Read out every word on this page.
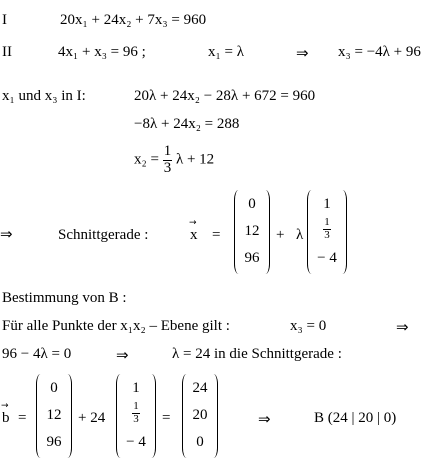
I	20x₁ + 24x₂ + 7x₃ = 960
II	4x₁ + x₃ = 96 ;	x₁ = λ	⇒ x₃ = −4λ + 96
x₁ und x₃ in I:	20λ + 24x₂ − 28λ + 672 = 960
−8λ + 24x₂ = 288
$x_2 = \frac{1}{3}$ λ + 12
⇒	Schnittgerade :
→	x =
0
12
96
+ λ
1
$\frac{1}{3}$
− 4
Bestimmung von B :
Für alle Punkte der x₁x₂ – Ebene gilt :	x₃ = 0	⇒
96 − 4λ = 0	⇒	λ = 24 in die Schnittgerade :
→ b =
0
12
96
+ 24
1
$\frac{1}{3}$
− 4
=
24
20
0
⇒	B (24 | 20 | 0)
